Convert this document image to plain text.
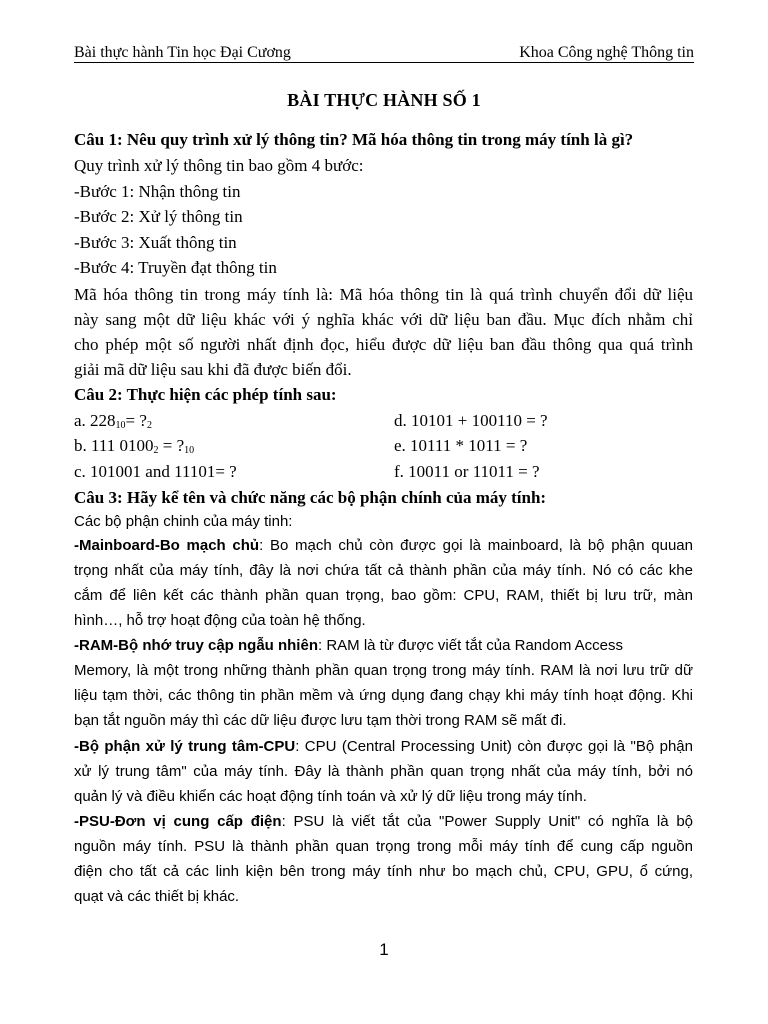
Bài thực hành Tin học Đại Cương	Khoa Công nghệ Thông tin
BÀI THỰC HÀNH SỐ 1
Câu 1: Nêu quy trình xử lý thông tin? Mã hóa thông tin trong máy tính là gì?
Quy trình xử lý thông tin bao gồm 4 bước:
-Bước 1: Nhận thông tin
-Bước 2: Xử lý thông tin
-Bước 3: Xuất thông tin
-Bước 4: Truyền đạt thông tin
Mã hóa thông tin trong máy tính là: Mã hóa thông tin là quá trình chuyển đổi dữ liệu
này sang một dữ liệu khác với ý nghĩa khác với dữ liệu ban đầu. Mục đích nhằm chỉ
cho phép một số người nhất định đọc, hiểu được dữ liệu ban đầu thông qua quá trình
giải mã dữ liệu sau khi đã được biến đổi.
Câu 2: Thực hiện các phép tính sau:
a. $228_{10}=$ $?_2$	d. 10101 + 100110 = ?
b. 111 $0100_2$ = $?_{10}$	e. 10111 * 1011 = ?
c. 101001 and 11101= ?	f. 10011 or 11011 = ?
Câu 3: Hãy kể tên và chức năng các bộ phận chính của máy tính:
Các bộ phận chinh của máy tinh:
-Mainboard-Bo mạch chủ: Bo mạch chủ còn được gọi là mainboard, là bộ phận quuan
trọng nhất của máy tính, đây là nơi chứa tất cả thành phần của máy tính. Nó có các khe
cắm để liên kết các thành phần quan trọng, bao gồm: CPU, RAM, thiết bị lưu trữ, màn
hình…, hỗ trợ hoạt động của toàn hệ thống.
-RAM-Bộ nhớ truy cập ngẫu nhiên: RAM là từ được viết tắt của Random Access
Memory, là một trong những thành phần quan trọng trong máy tính. RAM là nơi lưu trữ dữ
liệu tạm thời, các thông tin phần mềm và ứng dụng đang chạy khi máy tính hoạt động. Khi
bạn tắt nguồn máy thì các dữ liệu được lưu tạm thời trong RAM sẽ mất đi.
-Bộ phận xử lý trung tâm-CPU: CPU (Central Processing Unit) còn được gọi là "Bộ phận
xử lý trung tâm" của máy tính. Đây là thành phần quan trọng nhất của máy tính, bởi nó
quản lý và điều khiển các hoạt động tính toán và xử lý dữ liệu trong máy tính.
-PSU-Đơn vị cung cấp điện: PSU là viết tắt của "Power Supply Unit" có nghĩa là bộ
nguồn máy tính. PSU là thành phần quan trọng trong mỗi máy tính để cung cấp nguồn
điện cho tất cả các linh kiện bên trong máy tính như bo mạch chủ, CPU, GPU, ổ cứng,
quạt và các thiết bị khác.
1
